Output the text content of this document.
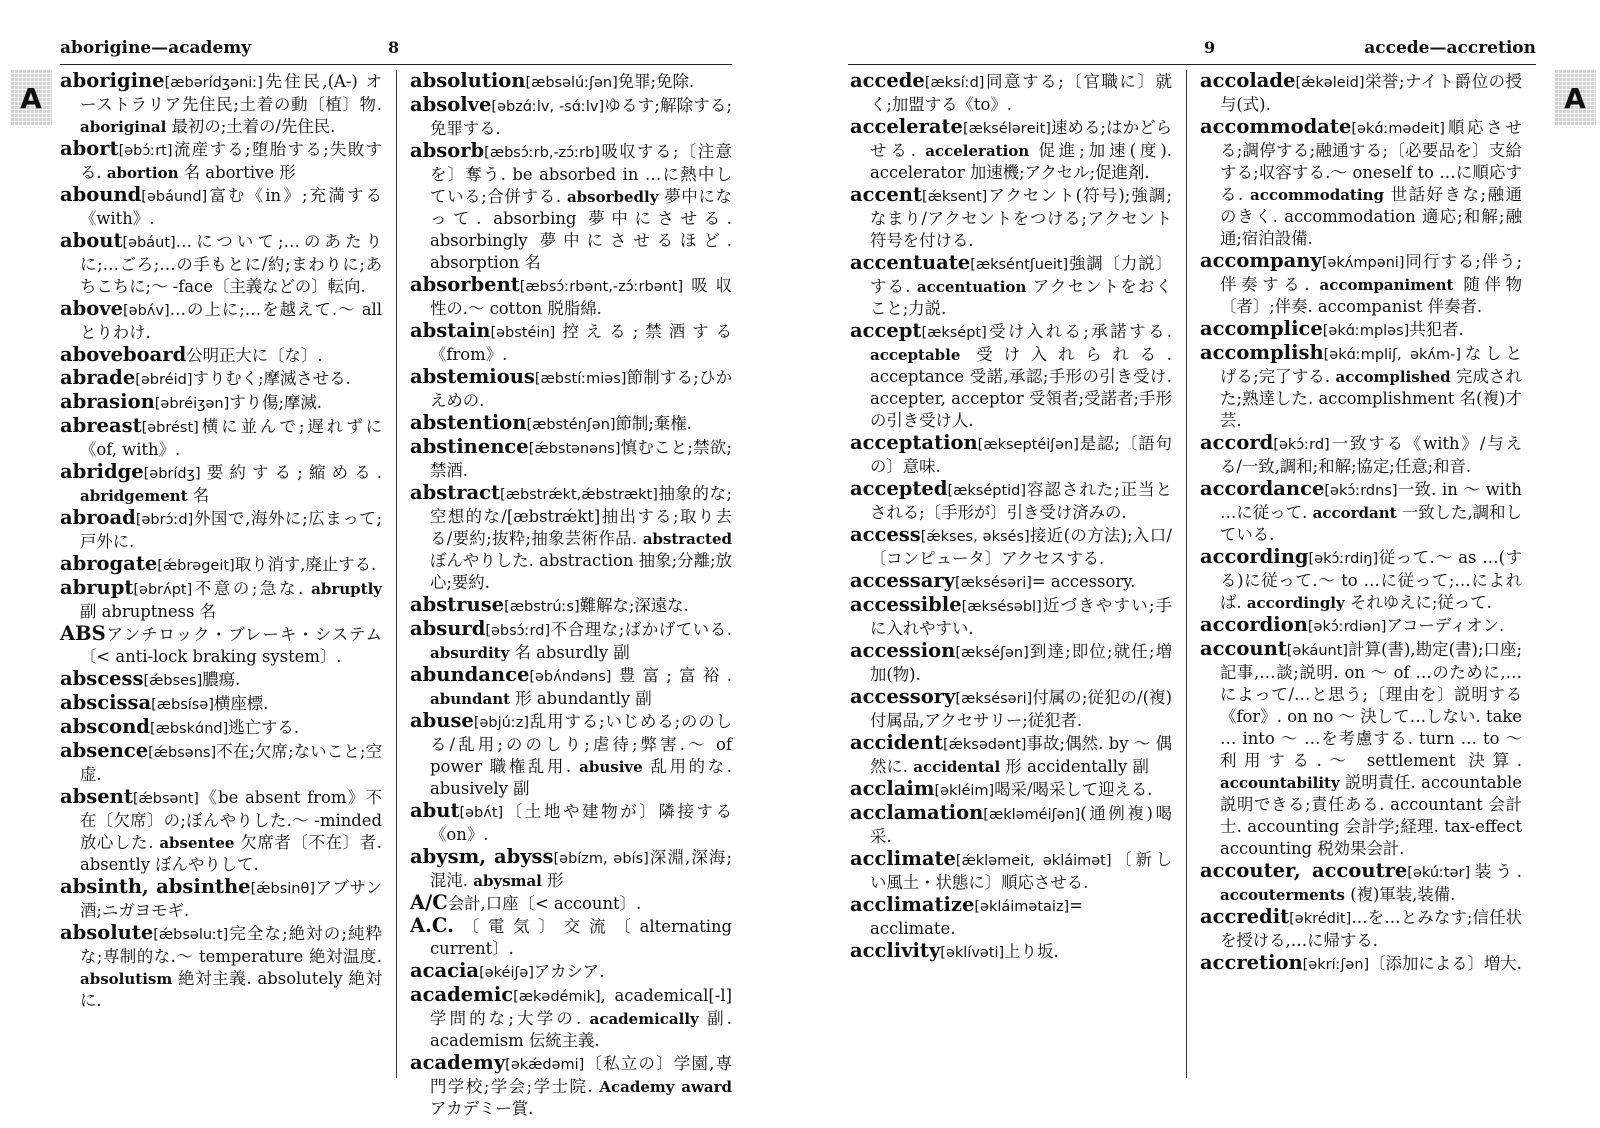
aborigine—academy	8
A

aborigine[æbərídʒəniː]先住民,(A-) オーストラリア先住民;土着の動〔植〕物. aboriginal 最初の;土着の/先住民.

abort[əbɔ́ːrt]流産する;堕胎する;失敗する. abortion 名 abortive 形

abound[əbáund]富む《in》;充満する《with》.

about[əbáut]…について;…のあたりに;…ごろ;…の手もとに/約;まわりに;あちこちに;～ -face〔主義などの〕転向.

above[əbʌ́v]…の上に;…を越えて.～ all とりわけ.

aboveboard公明正大に〔な〕.

abrade[əbréid]すりむく;摩滅させる.

abrasion[əbréiʒən]すり傷;摩滅.

abreast[əbrést]横に並んで;遅れずに《of, with》.

abridge[əbrídʒ]要約する;縮める. abridgement 名

abroad[əbrɔ́ːd]外国で,海外に;広まって;戸外に.

abrogate[ǽbrəgeit]取り消す,廃止する.

abrupt[əbrʌ́pt]不意の;急な. abruptly 副 abruptness 名

ABSアンチロック・ブレーキ・システム〔< anti-lock braking system〕.

abscess[ǽbses]膿瘍.

abscissa[æbsísə]横座標.

abscond[æbskɑ́nd]逃亡する.

absence[ǽbsəns]不在;欠席;ないこと;空虚.

absent[ǽbsənt]《be absent from》不在〔欠席〕の;ぼんやりした.～ -minded 放心した. absentee 欠席者〔不在〕者. absently ぼんやりして.

absinth, absinthe[ǽbsinθ]アブサン酒;ニガヨモギ.

absolute[ǽbsəluːt]完全な;絶対の;純粋な;専制的な.～ temperature 絶対温度. absolutism 絶対主義. absolutely 絶対に.

absolution[æbsəlúːʃən]免罪;免除.

absolve[əbzɑ́ːlv, -sɑ́ːlv]ゆるす;解除する;免罪する.

absorb[æbsɔ́ːrb,-zɔ́ːrb]吸収する;〔注意を〕奪う. be absorbed in …に熱中している;合併する. absorbedly 夢中になって. absorbing 夢中にさせる. absorbingly 夢中にさせるほど. absorption 名

absorbent[æbsɔ́ːrbənt,-zɔ́ːrbənt]吸収性の.～ cotton 脱脂綿.

abstain[əbstéin]控える;禁酒する《from》.

abstemious[æbstíːmiəs]節制する;ひかえめの.

abstention[æbsténʃən]節制;棄権.

abstinence[ǽbstənəns]慎むこと;禁欲;禁酒.

abstract[æbstrǽkt,ǽbstrækt]抽象的な;空想的な/[æbstrǽkt]抽出する;取り去る/要約;抜粋;抽象芸術作品. abstracted ぼんやりした. abstraction 抽象;分離;放心;要約.

abstruse[æbstrúːs]難解な;深遠な.

absurd[əbsɔ́ːrd]不合理な;ばかげている. absurdity 名 absurdly 副

abundance[əbʌ́ndəns]豊富;富裕. abundant 形 abundantly 副

abuse[əbjúːz]乱用する;いじめる;ののしる/乱用;ののしり;虐待;弊害.～ of power 職権乱用. abusive 乱用的な. abusively 副

abut[əbʌ́t]〔土地や建物が〕隣接する《on》.

abysm, abyss[əbízm, əbís]深淵,深海;混沌. abysmal 形

A/C会計,口座〔< account〕.

A.C.〔電気〕交流〔alternating current〕.

acacia[əkéiʃə]アカシア.

academic[ækədémik], academical[-l] 学問的な;大学の. academically 副. academism 伝統主義.

academy[əkǽdəmi]〔私立の〕学園,専門学校;学会;学士院. Academy award アカデミー賞.

9	accede—accretion
A

accede[æksíːd]同意する;〔官職に〕就く;加盟する《to》.

accelerate[æksélərеit]速める;はかどらせる. acceleration 促進;加速(度). accelerator 加速機;アクセル;促進剤.

accent[ǽksent]アクセント(符号);強調;なまり/アクセントをつける;アクセント符号を付ける.

accentuate[ækséntʃueit]強調〔力説〕する. accentuation アクセントをおくこと;力説.

accept[æksépt]受け入れる;承諾する. acceptable 受け入れられる. acceptance 受諾,承認;手形の引き受け. accepter, acceptor 受領者;受諾者;手形の引き受け人.

acceptation[ækseptéiʃən]是認;〔語句の〕意味.

accepted[ækséptid]容認された;正当とされる;〔手形が〕引き受け済みの.

access[ǽkses, əksés]接近(の方法);入口/〔コンピュータ〕アクセスする.

accessary[æksésəri]= accessory.

accessible[æksésəbl]近づきやすい;手に入れやすい.

accession[ækséʃən]到達;即位;就任;増加(物).

accessory[æksésəri]付属の;従犯の/(複)付属品,アクセサリー;従犯者.

accident[ǽksədənt]事故;偶然. by ～ 偶然に. accidental 形 accidentally 副

acclaim[əkléim]喝采/喝采して迎える.

acclamation[ækləméiʃən](通例複)喝采.

acclimate[ǽkləmeit, əkláimət]〔新しい風土・状態に〕順応させる.

acclimatize[əkláimətaiz]= acclimate.

acclivity[əklívəti]上り坂.

accolade[ǽkəleid]栄誉;ナイト爵位の授与(式).

accommodate[əkɑ́ːmədeit]順応させる;調停する;融通する;〔必要品を〕支給する;収容する.～ oneself to …に順応する. accommodating 世話好きな;融通のきく. accommodation 適応;和解;融通;宿泊設備.

accompany[əkʌ́mpəni]同行する;伴う;伴奏する. accompaniment 随伴物〔者〕;伴奏. accompanist 伴奏者.

accomplice[əkɑ́ːmpləs]共犯者.

accomplish[əkɑ́ːmpliʃ, əkʌ́m-]なしとげる;完了する. accomplished 完成された;熟達した. accomplishment 名(複)才芸.

accord[əkɔ́ːrd]一致する《with》/与える/一致,調和;和解;協定;任意;和音.

accordance[əkɔ́ːrdns]一致. in ～ with …に従って. accordant 一致した,調和している.

according[əkɔ́ːrdiŋ]従って.～ as …(する)に従って.～ to …に従って;…によれば. accordingly それゆえに;従って.

accordion[əkɔ́ːrdiən]アコーディオン.

account[əkáunt]計算(書),勘定(書);口座;記事,…談;説明. on ～ of …のために,…によって/…と思う;〔理由を〕説明する《for》. on no ～ 決して…しない. take … into ～ …を考慮する. turn … to ～ 利用する.～ settlement 決算. accountability 説明責任. accountable 説明できる;責任ある. accountant 会計士. accounting 会計学;経理. tax-effect accounting 税効果会計.

accouter, accoutre[əkúːtər]装う. accouterments (複)軍装,装備.

accredit[əkrédit]…を…とみなす;信任状を授ける,…に帰する.

accretion[əkríːʃən]〔添加による〕増大.
